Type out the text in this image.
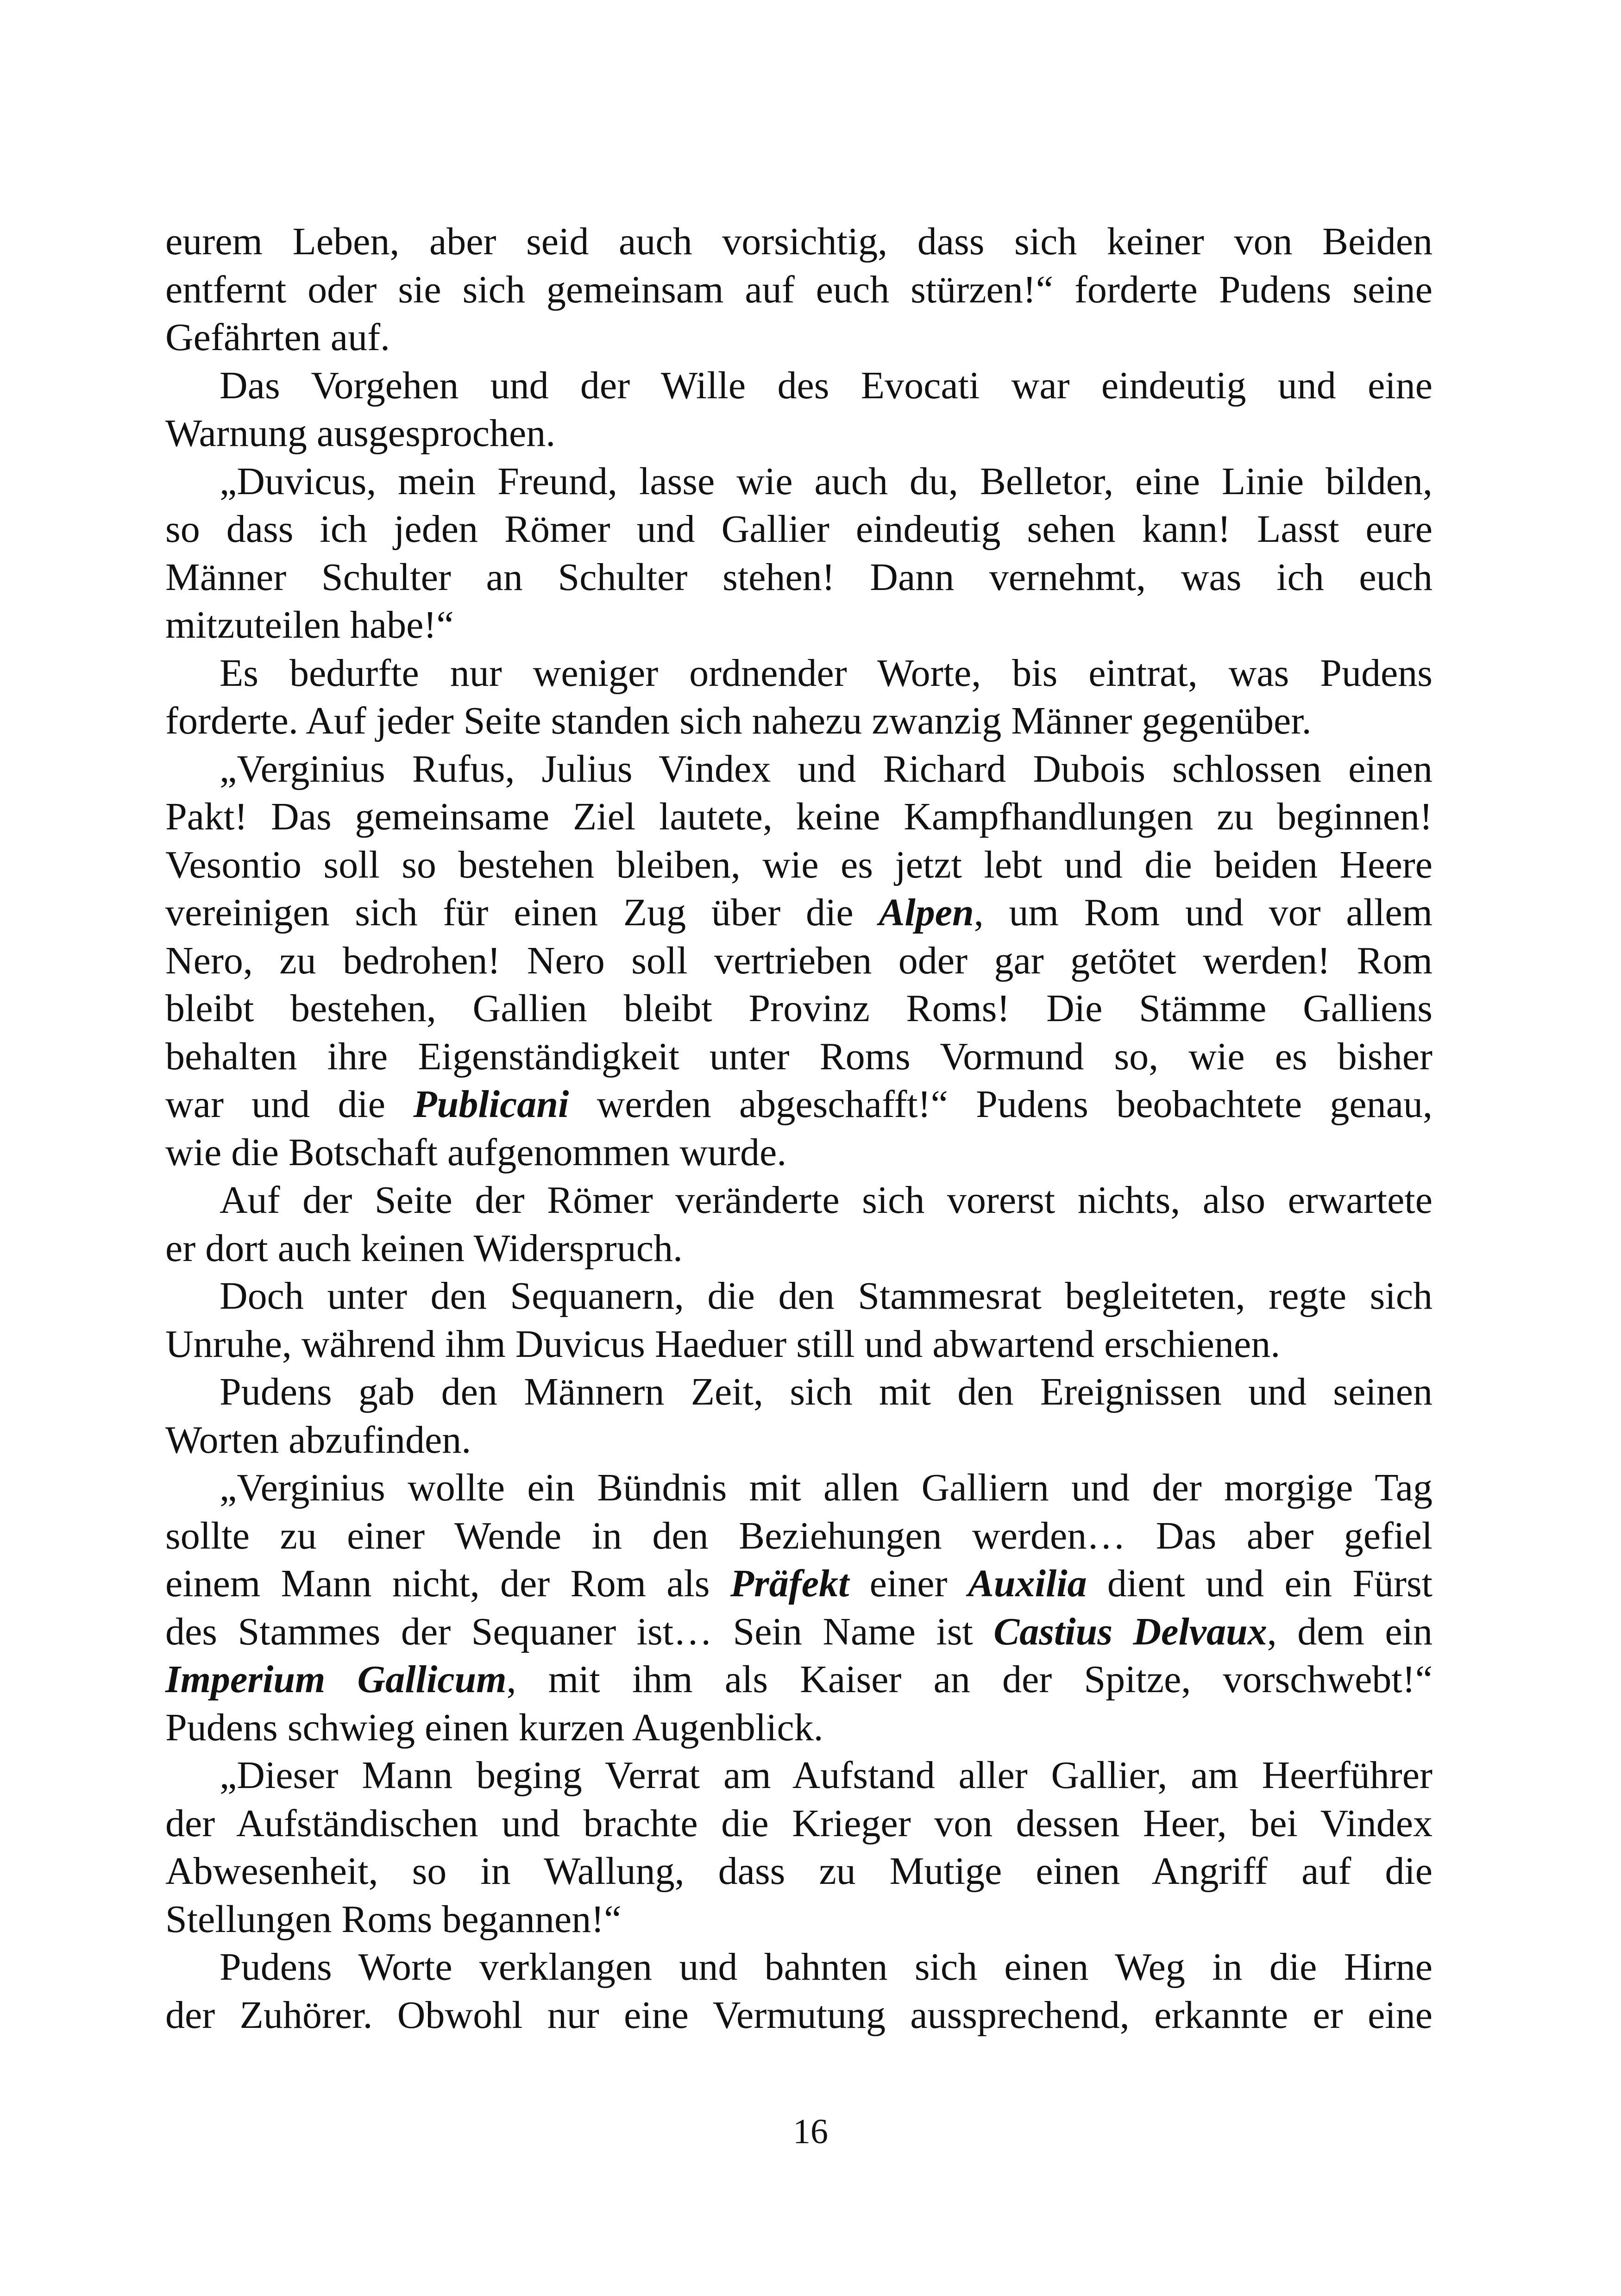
eurem Leben, aber seid auch vorsichtig, dass sich keiner von Beiden
entfernt oder sie sich gemeinsam auf euch stürzen!“ forderte Pudens seine
Gefährten auf.
Das Vorgehen und der Wille des Evocati war eindeutig und eine
Warnung ausgesprochen.
„Duvicus, mein Freund, lasse wie auch du, Belletor, eine Linie bilden,
so dass ich jeden Römer und Gallier eindeutig sehen kann! Lasst eure
Männer Schulter an Schulter stehen! Dann vernehmt, was ich euch
mitzuteilen habe!“
Es bedurfte nur weniger ordnender Worte, bis eintrat, was Pudens
forderte. Auf jeder Seite standen sich nahezu zwanzig Männer gegenüber.
„Verginius Rufus, Julius Vindex und Richard Dubois schlossen einen
Pakt! Das gemeinsame Ziel lautete, keine Kampfhandlungen zu beginnen!
Vesontio soll so bestehen bleiben, wie es jetzt lebt und die beiden Heere
vereinigen sich für einen Zug über die Alpen, um Rom und vor allem
Nero, zu bedrohen! Nero soll vertrieben oder gar getötet werden! Rom
bleibt bestehen, Gallien bleibt Provinz Roms! Die Stämme Galliens
behalten ihre Eigenständigkeit unter Roms Vormund so, wie es bisher
war und die Publicani werden abgeschafft!“ Pudens beobachtete genau,
wie die Botschaft aufgenommen wurde.
Auf der Seite der Römer veränderte sich vorerst nichts, also erwartete
er dort auch keinen Widerspruch.
Doch unter den Sequanern, die den Stammesrat begleiteten, regte sich
Unruhe, während ihm Duvicus Haeduer still und abwartend erschienen.
Pudens gab den Männern Zeit, sich mit den Ereignissen und seinen
Worten abzufinden.
„Verginius wollte ein Bündnis mit allen Galliern und der morgige Tag
sollte zu einer Wende in den Beziehungen werden… Das aber gefiel
einem Mann nicht, der Rom als Präfekt einer Auxilia dient und ein Fürst
des Stammes der Sequaner ist… Sein Name ist Castius Delvaux, dem ein
Imperium Gallicum, mit ihm als Kaiser an der Spitze, vorschwebt!“
Pudens schwieg einen kurzen Augenblick.
„Dieser Mann beging Verrat am Aufstand aller Gallier, am Heerführer
der Aufständischen und brachte die Krieger von dessen Heer, bei Vindex
Abwesenheit, so in Wallung, dass zu Mutige einen Angriff auf die
Stellungen Roms begannen!“
Pudens Worte verklangen und bahnten sich einen Weg in die Hirne
der Zuhörer. Obwohl nur eine Vermutung aussprechend, erkannte er eine
16
